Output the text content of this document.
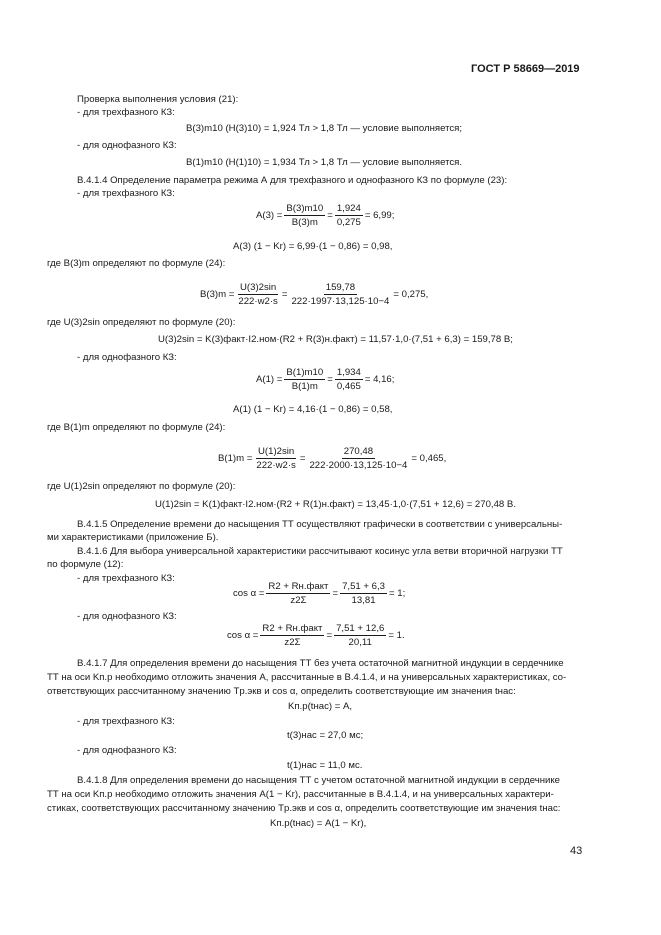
ГОСТ Р 58669—2019
Проверка выполнения условия (21):
- для трехфазного КЗ:
B(3)m10 (H(3)10) = 1,924 Тл > 1,8 Тл — условие выполняется;
- для однофазного КЗ:
B(1)m10 (H(1)10) = 1,934 Тл > 1,8 Тл — условие выполняется.
В.4.1.4 Определение параметра режима А для трехфазного и однофазного КЗ по формуле (23):
- для трехфазного КЗ:
$A(3) = \frac{B(3)m10}{B(3)m} = \frac{1,924}{0,275} = 6,99$;
A(3) (1 − Kr) = 6,99·(1 − 0,86) = 0,98,
где B(3)m определяют по формуле (24):
$B(3)m = \frac{U(3)2\sin}{222\cdot w2\cdot s} = \frac{159,78}{222\cdot 1997\cdot 13,125\cdot 10-4} = 0,275$,
где U(3)2sin определяют по формуле (20):
U(3)2sin = K(3)факт·I2.ном·(R2 + R(3)н.факт) = 11,57·1,0·(7,51 + 6,3) = 159,78 В;
- для однофазного КЗ:
$A(1) = \frac{B(1)m10}{B(1)m} = \frac{1,934}{0,465} = 4,16$;
A(1) (1 − Kr) = 4,16·(1 − 0,86) = 0,58,
где B(1)m определяют по формуле (24):
$B(1)m = \frac{U(1)2\sin}{222\cdot w2\cdot s} = \frac{270,48}{222\cdot 2000\cdot 13,125\cdot 10-4} = 0,465$,
где U(1)2sin определяют по формуле (20):
U(1)2sin = K(1)факт·I2.ном·(R2 + R(1)н.факт) = 13,45·1,0·(7,51 + 12,6) = 270,48 В.
В.4.1.5 Определение времени до насыщения ТТ осуществляют графически в соответствии с универсальны-
ми характеристиками (приложение Б).
В.4.1.6 Для выбора универсальной характеристики рассчитывают косинус угла ветви вторичной нагрузки ТТ
по формуле (12):
- для трехфазного КЗ:
$\cos \alpha = \frac{\text{R2 + Rн.факт}}{z2\Sigma} = \frac{7,51 + 6,3}{13,81} = 1$;
- для однофазного КЗ:
$\cos \alpha = \frac{\text{R2 + Rн.факт}}{z2\Sigma} = \frac{7,51 + 12,6}{20,11} = 1$.
В.4.1.7 Для определения времени до насыщения ТТ без учета остаточной магнитной индукции в сердечнике
ТТ на оси Kп.р необходимо отложить значения A, рассчитанные в В.4.1.4, и на универсальных характеристиках, со-
ответствующих рассчитанному значению Tр.экв и cos α, определить соответствующие им значения tнас:
Kп.р(tнас) = A,
- для трехфазного КЗ:
t(3)нас = 27,0 мс;
- для однофазного КЗ:
t(1)нас = 11,0 мс.
В.4.1.8 Для определения времени до насыщения ТТ с учетом остаточной магнитной индукции в сердечнике
ТТ на оси Kп.р необходимо отложить значения A(1 − Kr), рассчитанные в В.4.1.4, и на универсальных характери-
стиках, соответствующих рассчитанному значению Tр.экв и cos α, определить соответствующие им значения tнас:
Kп.р(tнас) = A(1 − Kr),
43
